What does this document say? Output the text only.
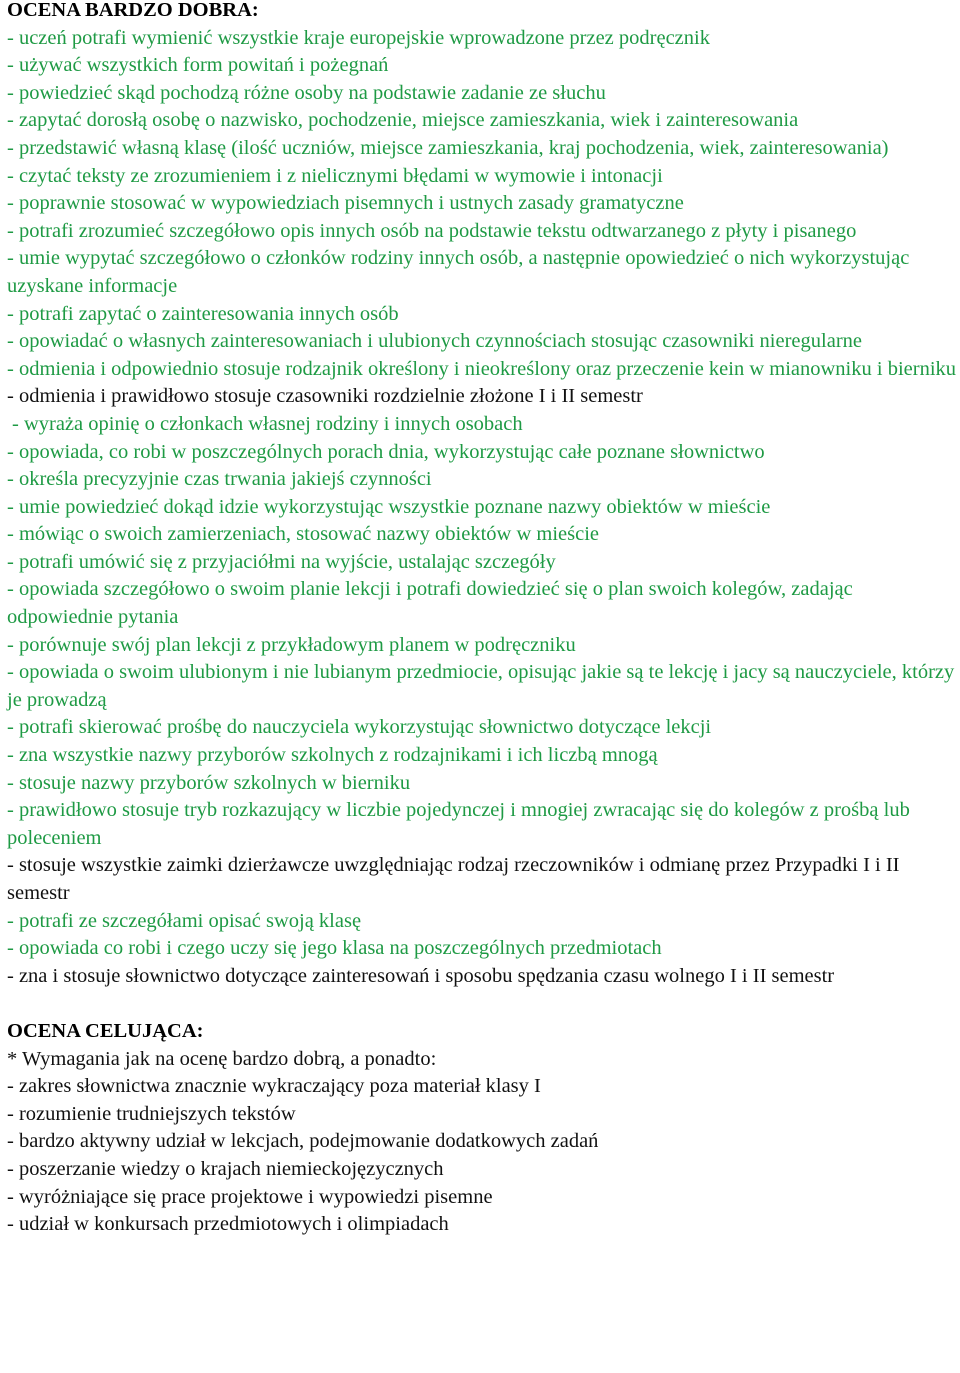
OCENA BARDZO DOBRA:
- uczeń potrafi wymienić wszystkie kraje europejskie wprowadzone przez podręcznik
- używać wszystkich form powitań i pożegnań
- powiedzieć skąd pochodzą różne osoby na podstawie zadanie ze słuchu
- zapytać dorosłą osobę o nazwisko, pochodzenie, miejsce zamieszkania, wiek i zainteresowania
- przedstawić własną klasę (ilość uczniów, miejsce zamieszkania, kraj pochodzenia, wiek, zainteresowania)
- czytać teksty ze zrozumieniem i z nielicznymi błędami w wymowie i intonacji
- poprawnie stosować w wypowiedziach pisemnych i ustnych zasady gramatyczne
- potrafi zrozumieć szczegółowo opis innych osób na podstawie tekstu odtwarzanego z płyty i pisanego
- umie wypytać szczegółowo o członków rodziny innych osób, a następnie opowiedzieć o nich wykorzystując uzyskane informacje
- potrafi zapytać o zainteresowania innych osób
- opowiadać o własnych zainteresowaniach i ulubionych czynnościach stosując czasowniki nieregularne
- odmienia i odpowiednio stosuje rodzajnik określony i nieokreślony oraz przeczenie kein w mianowniku i bierniku
- odmienia i prawidłowo stosuje czasowniki rozdzielnie złożone I i II semestr
- wyraża opinię o członkach własnej rodziny i innych osobach
- opowiada, co robi w poszczególnych porach dnia, wykorzystując całe poznane słownictwo
- określa precyzyjnie czas trwania jakiejś czynności
- umie powiedzieć dokąd idzie wykorzystując wszystkie poznane nazwy obiektów w mieście
- mówiąc o swoich zamierzeniach, stosować nazwy obiektów w mieście
- potrafi umówić się z przyjaciółmi na wyjście, ustalając szczegóły
- opowiada szczegółowo o swoim planie lekcji i potrafi dowiedzieć się o plan swoich kolegów, zadając odpowiednie pytania
- porównuje swój plan lekcji z przykładowym planem w podręczniku
- opowiada o swoim ulubionym i nie lubianym przedmiocie, opisując jakie są te lekcję i jacy są nauczyciele, którzy je prowadzą
- potrafi skierować prośbę do nauczyciela wykorzystując słownictwo dotyczące lekcji
- zna wszystkie nazwy przyborów szkolnych z rodzajnikami i ich liczbą mnogą
- stosuje nazwy przyborów szkolnych w bierniku
- prawidłowo stosuje tryb rozkazujący w liczbie pojedynczej i mnogiej zwracając się do kolegów z prośbą lub poleceniem
- stosuje wszystkie zaimki dzierżawcze uwzględniając rodzaj rzeczowników i odmianę przez Przypadki I i II semestr
- potrafi ze szczegółami opisać swoją klasę
- opowiada co robi i czego uczy się jego klasa na poszczególnych przedmiotach
- zna i stosuje słownictwo dotyczące zainteresowań i sposobu spędzania czasu wolnego I i II semestr
OCENA CELUJĄCA:
* Wymagania jak na ocenę bardzo dobrą, a ponadto:
- zakres słownictwa znacznie wykraczający poza materiał klasy I
- rozumienie trudniejszych tekstów
- bardzo aktywny udział w lekcjach, podejmowanie dodatkowych zadań
- poszerzanie wiedzy o krajach niemieckojęzycznych
- wyróżniające się prace projektowe i wypowiedzi pisemne
- udział w konkursach przedmiotowych i olimpiadach
